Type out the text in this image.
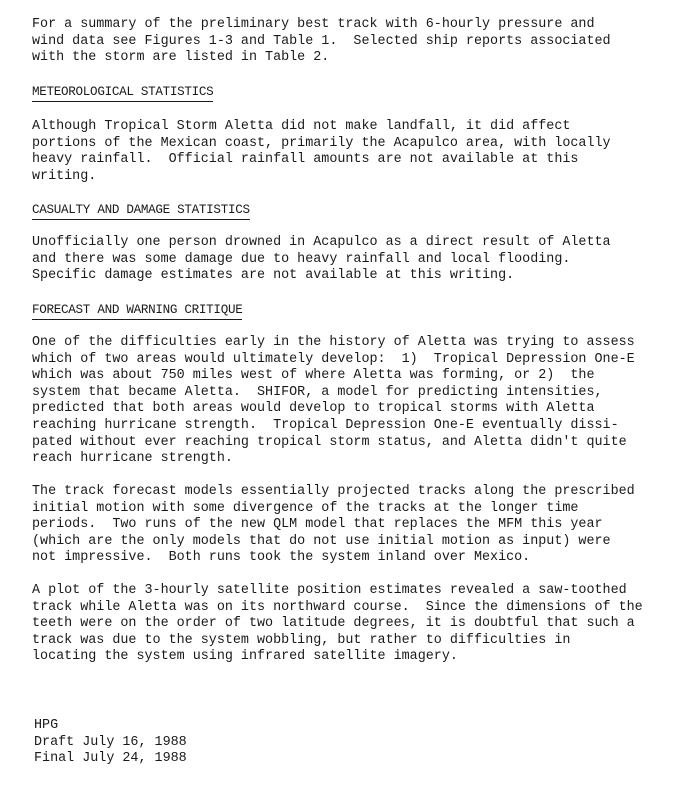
For a summary of the preliminary best track with 6-hourly pressure and
wind data see Figures 1-3 and Table 1.  Selected ship reports associated
with the storm are listed in Table 2.
METEOROLOGICAL STATISTICS
Although Tropical Storm Aletta did not make landfall, it did affect
portions of the Mexican coast, primarily the Acapulco area, with locally
heavy rainfall.  Official rainfall amounts are not available at this
writing.
CASUALTY AND DAMAGE STATISTICS
Unofficially one person drowned in Acapulco as a direct result of Aletta
and there was some damage due to heavy rainfall and local flooding.
Specific damage estimates are not available at this writing.
FORECAST AND WARNING CRITIQUE
One of the difficulties early in the history of Aletta was trying to assess
which of two areas would ultimately develop:  1)  Tropical Depression One-E
which was about 750 miles west of where Aletta was forming, or 2)  the
system that became Aletta.  SHIFOR, a model for predicting intensities,
predicted that both areas would develop to tropical storms with Aletta
reaching hurricane strength.  Tropical Depression One-E eventually dissi-
pated without ever reaching tropical storm status, and Aletta didn't quite
reach hurricane strength.
The track forecast models essentially projected tracks along the prescribed
initial motion with some divergence of the tracks at the longer time
periods.  Two runs of the new QLM model that replaces the MFM this year
(which are the only models that do not use initial motion as input) were
not impressive.  Both runs took the system inland over Mexico.
A plot of the 3-hourly satellite position estimates revealed a saw-toothed
track while Aletta was on its northward course.  Since the dimensions of the
teeth were on the order of two latitude degrees, it is doubtful that such a
track was due to the system wobbling, but rather to difficulties in
locating the system using infrared satellite imagery.
HPG
Draft July 16, 1988
Final July 24, 1988
